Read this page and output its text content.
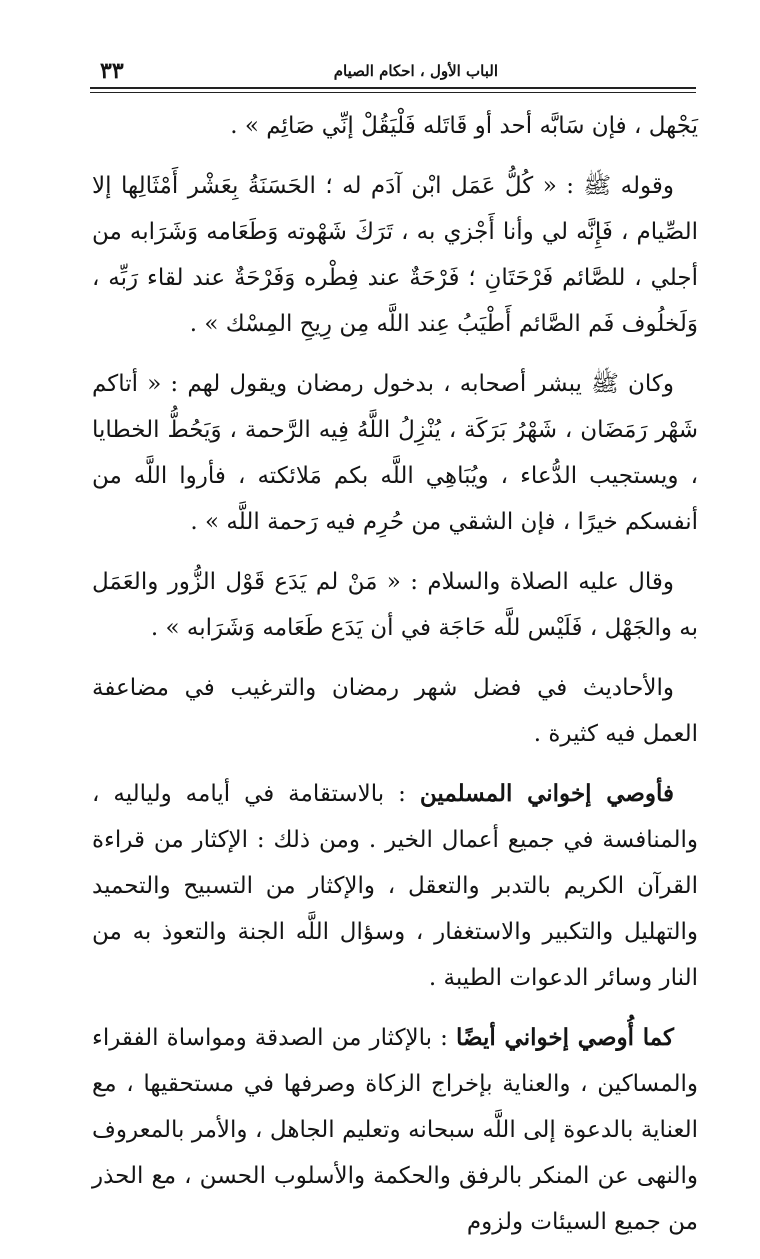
الباب الأول ، احكام الصيام
٣٣

يَجْهل ، فإن سَابَّه أحد أو قَاتَله فَلْيَقُلْ إنِّي صَائِم » .

وقوله ﷺ : « كُلُّ عَمَل ابْن آدَم له ؛ الحَسَنَةُ بِعَشْر أَمْثَالِها إلا الصِّيام ، فَإِنَّه لي وأنا أَجْزي به ، تَرَكَ شَهْوته وَطَعَامه وَشَرَابه من أجلي ، للصَّائم فَرْحَتَانِ ؛ فَرْحَةٌ عند فِطْره وَفَرْحَةٌ عند لقاء رَبِّه ، وَلَخلُوف فَم الصَّائم أَطْيَبُ عِند اللَّه مِن رِيحِ المِسْك » .

وكان ﷺ يبشر أصحابه ، بدخول رمضان ويقول لهم : « أتاكم شَهْر رَمَضَان ، شَهْرُ بَرَكَة ، يُنْزِلُ اللَّهُ فِيه الرَّحمة ، وَيَحُطُّ الخطايا ، ويستجيب الدُّعاء ، ويُبَاهِي اللَّه بكم مَلائكته ، فأروا اللَّه من أنفسكم خيرًا ، فإن الشقي من حُرِم فيه رَحمة اللَّه » .

وقال عليه الصلاة والسلام : « مَنْ لم يَدَع قَوْل الزُّور والعَمَل به والجَهْل ، فَلَيْس للَّه حَاجَة في أن يَدَع طَعَامه وَشَرَابه » .

والأحاديث في فضل شهر رمضان والترغيب في مضاعفة العمل فيه كثيرة .

فأوصي إخواني المسلمين : بالاستقامة في أيامه ولياليه ، والمنافسة في جميع أعمال الخير . ومن ذلك : الإكثار من قراءة القرآن الكريم بالتدبر والتعقل ، والإكثار من التسبيح والتحميد والتهليل والتكبير والاستغفار ، وسؤال اللَّه الجنة والتعوذ به من النار وسائر الدعوات الطيبة .

كما أُوصي إخواني أيضًا : بالإكثار من الصدقة ومواساة الفقراء والمساكين ، والعناية بإخراج الزكاة وصرفها في مستحقيها ، مع العناية بالدعوة إلى اللَّه سبحانه وتعليم الجاهل ، والأمر بالمعروف والنهى عن المنكر بالرفق والحكمة والأسلوب الحسن ، مع الحذر من جميع السيئات ولزوم
